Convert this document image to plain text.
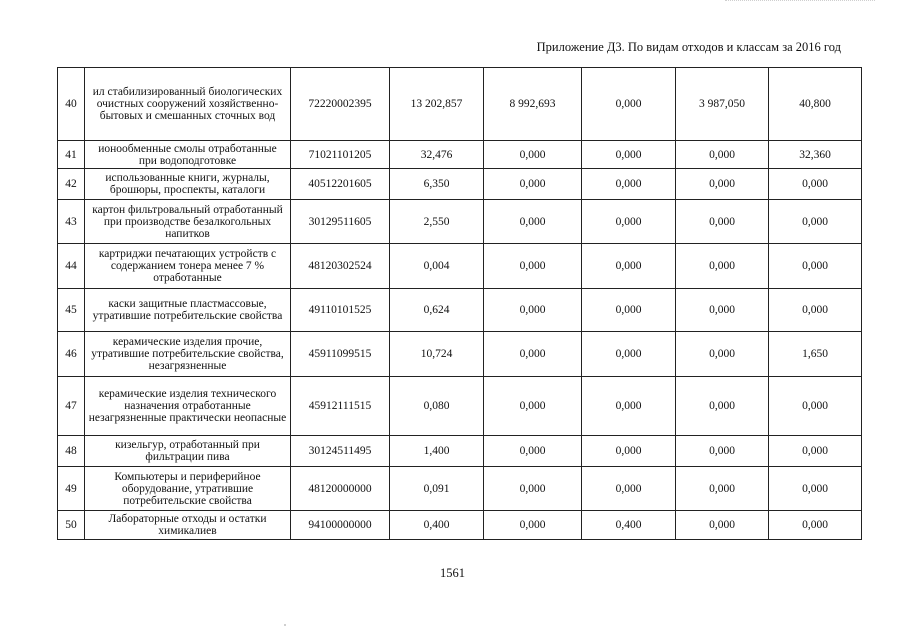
Приложение Д3. По видам отходов и классам за 2016 год
40	ил стабилизированный биологических очистных сооружений хозяйственно-бытовых и смешанных сточных вод	72220002395	13 202,857	8 992,693	0,000	3 987,050	40,800
41	ионообменные смолы отработанные при водоподготовке	71021101205	32,476	0,000	0,000	0,000	32,360
42	использованные книги, журналы, брошюры, проспекты, каталоги	40512201605	6,350	0,000	0,000	0,000	0,000
43	картон фильтровальный отработанный при производстве безалкогольных напитков	30129511605	2,550	0,000	0,000	0,000	0,000
44	картриджи печатающих устройств с содержанием тонера менее 7 % отработанные	48120302524	0,004	0,000	0,000	0,000	0,000
45	каски защитные пластмассовые, утратившие потребительские свойства	49110101525	0,624	0,000	0,000	0,000	0,000
46	керамические изделия прочие, утратившие потребительские свойства, незагрязненные	45911099515	10,724	0,000	0,000	0,000	1,650
47	керамические изделия технического назначения отработанные незагрязненные практически неопасные	45912111515	0,080	0,000	0,000	0,000	0,000
48	кизельгур, отработанный при фильтрации пива	30124511495	1,400	0,000	0,000	0,000	0,000
49	Компьютеры и периферийное оборудование, утратившие потребительские свойства	48120000000	0,091	0,000	0,000	0,000	0,000
50	Лабораторные отходы и остатки химикалиев	94100000000	0,400	0,000	0,400	0,000	0,000
1561
